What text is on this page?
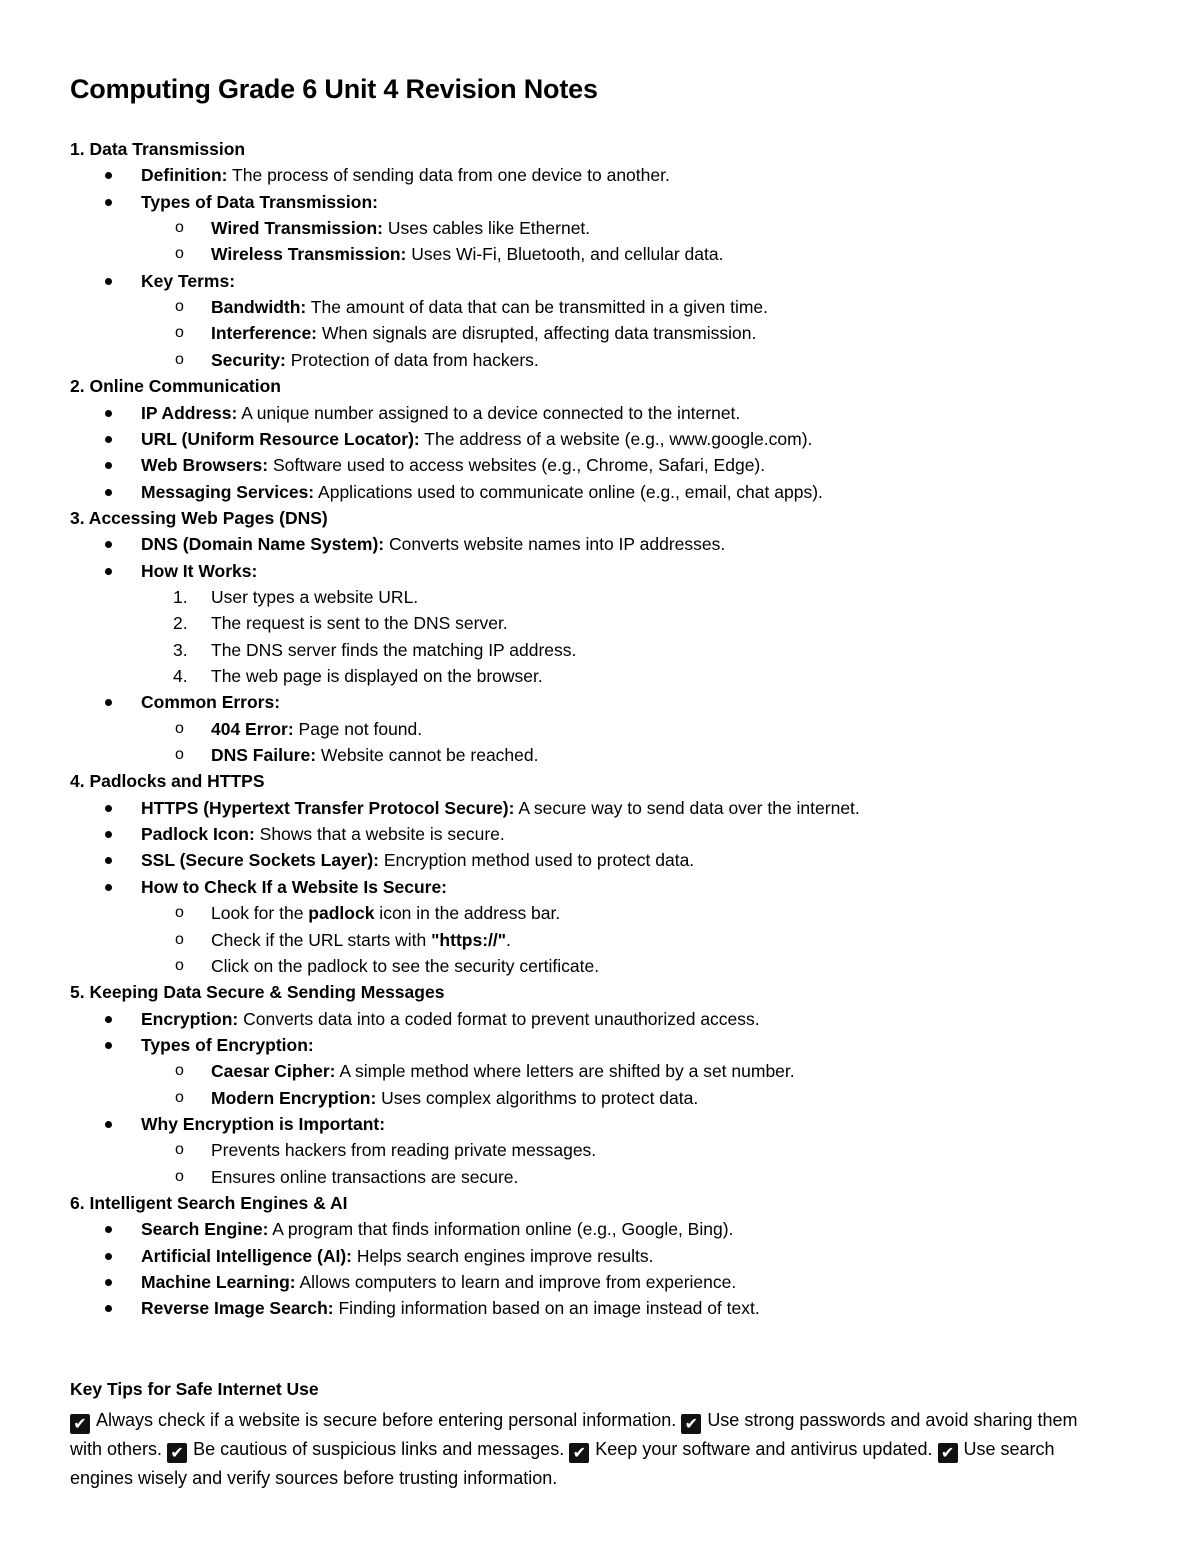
Computing Grade 6 Unit 4 Revision Notes
1. Data Transmission
Definition: The process of sending data from one device to another.
Types of Data Transmission:
o Wired Transmission: Uses cables like Ethernet.
o Wireless Transmission: Uses Wi-Fi, Bluetooth, and cellular data.
Key Terms:
o Bandwidth: The amount of data that can be transmitted in a given time.
o Interference: When signals are disrupted, affecting data transmission.
o Security: Protection of data from hackers.
2. Online Communication
IP Address: A unique number assigned to a device connected to the internet.
URL (Uniform Resource Locator): The address of a website (e.g., www.google.com).
Web Browsers: Software used to access websites (e.g., Chrome, Safari, Edge).
Messaging Services: Applications used to communicate online (e.g., email, chat apps).
3. Accessing Web Pages (DNS)
DNS (Domain Name System): Converts website names into IP addresses.
How It Works:
1. User types a website URL.
2. The request is sent to the DNS server.
3. The DNS server finds the matching IP address.
4. The web page is displayed on the browser.
Common Errors:
o 404 Error: Page not found.
o DNS Failure: Website cannot be reached.
4. Padlocks and HTTPS
HTTPS (Hypertext Transfer Protocol Secure): A secure way to send data over the internet.
Padlock Icon: Shows that a website is secure.
SSL (Secure Sockets Layer): Encryption method used to protect data.
How to Check If a Website Is Secure:
o Look for the padlock icon in the address bar.
o Check if the URL starts with "https://".
o Click on the padlock to see the security certificate.
5. Keeping Data Secure & Sending Messages
Encryption: Converts data into a coded format to prevent unauthorized access.
Types of Encryption:
o Caesar Cipher: A simple method where letters are shifted by a set number.
o Modern Encryption: Uses complex algorithms to protect data.
Why Encryption is Important:
o Prevents hackers from reading private messages.
o Ensures online transactions are secure.
6. Intelligent Search Engines & AI
Search Engine: A program that finds information online (e.g., Google, Bing).
Artificial Intelligence (AI): Helps search engines improve results.
Machine Learning: Allows computers to learn and improve from experience.
Reverse Image Search: Finding information based on an image instead of text.
Key Tips for Safe Internet Use
✔ Always check if a website is secure before entering personal information. ✔ Use strong passwords and avoid sharing them with others. ✔ Be cautious of suspicious links and messages. ✔ Keep your software and antivirus updated. ✔ Use search engines wisely and verify sources before trusting information.
